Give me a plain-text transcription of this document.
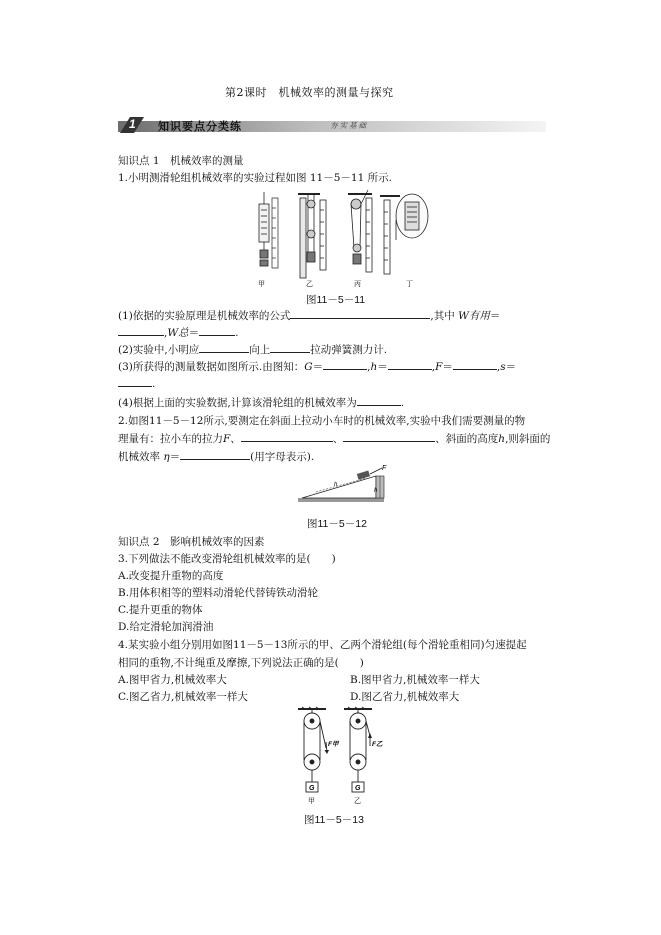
第2课时　机械效率的测量与探究
1 知识要点分类练	夯实基础
知识点 1　机械效率的测量
1.小明测滑轮组机械效率的实验过程如图 11－5－11 所示.
甲	乙	丙	丁
图11－5－11
(1)依据的实验原理是机械效率的公式	,其中 W有用＝
,W总＝	.
(2)实验中,小明应	向上	拉动弹簧测力计.
(3)所获得的测量数据如图所示.由图知：G＝	,h＝	,F＝	,s＝
.
(4)根据上面的实验数据,计算该滑轮组的机械效率为	.
2.如图11－5－12所示,要测定在斜面上拉动小车时的机械效率,实验中我们需要测量的物
理量有：拉小车的拉力F、	、	、斜面的高度h,则斜面的
机械效率 η＝	(用字母表示).
F
h
h
图11－5－12
知识点 2　影响机械效率的因素
3.下列做法不能改变滑轮组机械效率的是(　　)
A.改变提升重物的高度
B.用体积相等的塑料动滑轮代替铸铁动滑轮
C.提升更重的物体
D.给定滑轮加润滑油
4.某实验小组分别用如图11－5－13所示的甲、乙两个滑轮组(每个滑轮重相同)匀速提起
相同的重物,不计绳重及摩擦,下列说法正确的是(　　)
A.图甲省力,机械效率大	B.图甲省力,机械效率一样大
C.图乙省力,机械效率一样大	D.图乙省力,机械效率大
F甲
G
甲
F乙
G
乙
图11－5－13
